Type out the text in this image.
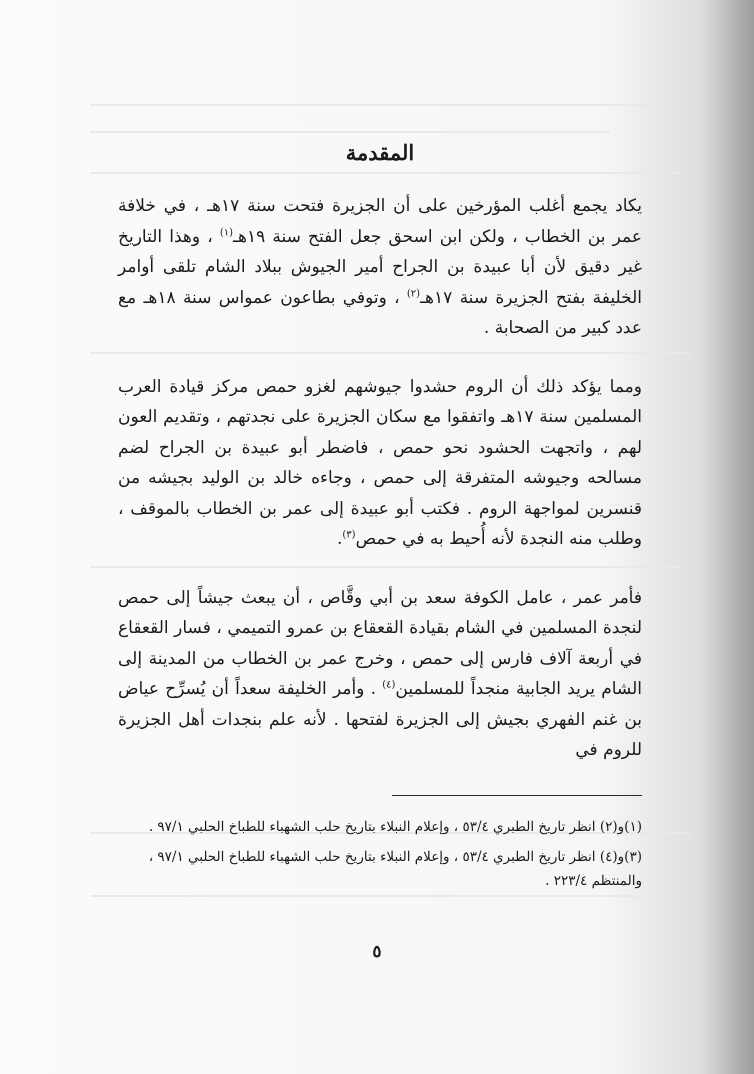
المقدمة

يكاد يجمع أغلب المؤرخين على أن الجزيرة فتحت سنة ١٧هـ ، في خلافة عمر بن الخطاب ، ولكن ابن اسحق جعل الفتح سنة ١٩هـ$^{(١)}$ ، وهذا التاريخ غير دقيق لأن أبا عبيدة بن الجراح أمير الجيوش ببلاد الشام تلقى أوامر الخليفة بفتح الجزيرة سنة ١٧هـ$^{(٢)}$ ، وتوفي بطاعون عمواس سنة ١٨هـ مع عدد كبير من الصحابة .

ومما يؤكد ذلك أن الروم حشدوا جيوشهم لغزو حمص مركز قيادة العرب المسلمين سنة ١٧هـ واتفقوا مع سكان الجزيرة على نجدتهم ، وتقديم العون لهم ، واتجهت الحشود نحو حمص ، فاضطر أبو عبيدة بن الجراح لضم مسالحه وجيوشه المتفرقة إلى حمص ، وجاءه خالد بن الوليد بجيشه من قنسرين لمواجهة الروم . فكتب أبو عبيدة إلى عمر بن الخطاب بالموقف ، وطلب منه النجدة لأنه أُحيط به في حمص$^{(٣)}$.

فأمر عمر ، عامل الكوفة سعد بن أبي وقَّاص ، أن يبعث جيشاً إلى حمص لنجدة المسلمين في الشام بقيادة القعقاع بن عمرو التميمي ، فسار القعقاع في أربعة آلاف فارس إلى حمص ، وخرج عمر بن الخطاب من المدينة إلى الشام يريد الجابية منجداً للمسلمين$^{(٤)}$ . وأمر الخليفة سعداً أن يُسرِّح عياض بن غنم الفهري بجيش إلى الجزيرة لفتحها . لأنه علم بنجدات أهل الجزيرة للروم في

(١)و(٢) انظر تاريخ الطبري ٥٣/٤ ، وإعلام النبلاء بتاريخ حلب الشهباء للطباخ الحلبي ٩٧/١ .

(٣)و(٤) انظر تاريخ الطبري ٥٣/٤ ، وإعلام النبلاء بتاريخ حلب الشهباء للطباخ الحلبي ٩٧/١ ، والمنتظم ٢٢٣/٤ .

٥
